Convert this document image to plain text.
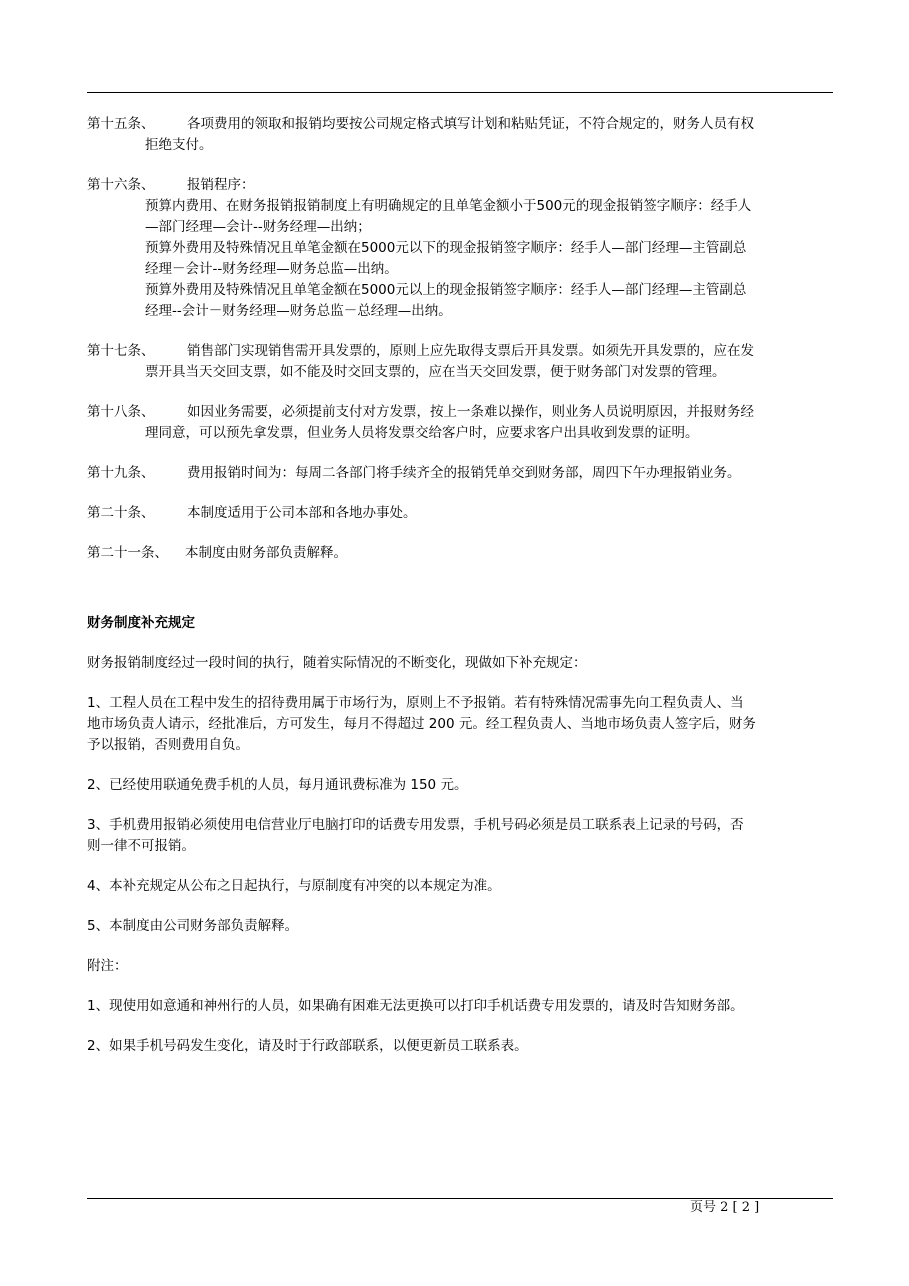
第十五条、	各项费用的领取和报销均要按公司规定格式填写计划和粘贴凭证，不符合规定的，财务人员有权
拒绝支付。
第十六条、	报销程序：
预算内费用、在财务报销报销制度上有明确规定的且单笔金额小于500元的现金报销签字顺序：经手人
—部门经理—会计--财务经理—出纳；
预算外费用及特殊情况且单笔金额在5000元以下的现金报销签字顺序：经手人—部门经理—主管副总
经理－会计--财务经理—财务总监—出纳。
预算外费用及特殊情况且单笔金额在5000元以上的现金报销签字顺序：经手人—部门经理—主管副总
经理--会计－财务经理—财务总监－总经理—出纳。
第十七条、	销售部门实现销售需开具发票的，原则上应先取得支票后开具发票。如须先开具发票的，应在发
票开具当天交回支票，如不能及时交回支票的，应在当天交回发票，便于财务部门对发票的管理。
第十八条、	如因业务需要，必须提前支付对方发票，按上一条难以操作，则业务人员说明原因，并报财务经
理同意，可以预先拿发票，但业务人员将发票交给客户时，应要求客户出具收到发票的证明。
第十九条、	费用报销时间为：每周二各部门将手续齐全的报销凭单交到财务部，周四下午办理报销业务。
第二十条、	本制度适用于公司本部和各地办事处。
第二十一条、	本制度由财务部负责解释。
财务制度补充规定
财务报销制度经过一段时间的执行，随着实际情况的不断变化，现做如下补充规定：
1、工程人员在工程中发生的招待费用属于市场行为，原则上不予报销。若有特殊情况需事先向工程负责人、当
地市场负责人请示，经批准后，方可发生，每月不得超过 200 元。经工程负责人、当地市场负责人签字后，财务
予以报销，否则费用自负。
2、已经使用联通免费手机的人员，每月通讯费标准为 150 元。
3、手机费用报销必须使用电信营业厅电脑打印的话费专用发票，手机号码必须是员工联系表上记录的号码，否
则一律不可报销。
4、本补充规定从公布之日起执行，与原制度有冲突的以本规定为准。
5、本制度由公司财务部负责解释。
附注：
1、现使用如意通和神州行的人员，如果确有困难无法更换可以打印手机话费专用发票的，请及时告知财务部。
2、如果手机号码发生变化，请及时于行政部联系，以便更新员工联系表。
页号 2 [ 2 ]
